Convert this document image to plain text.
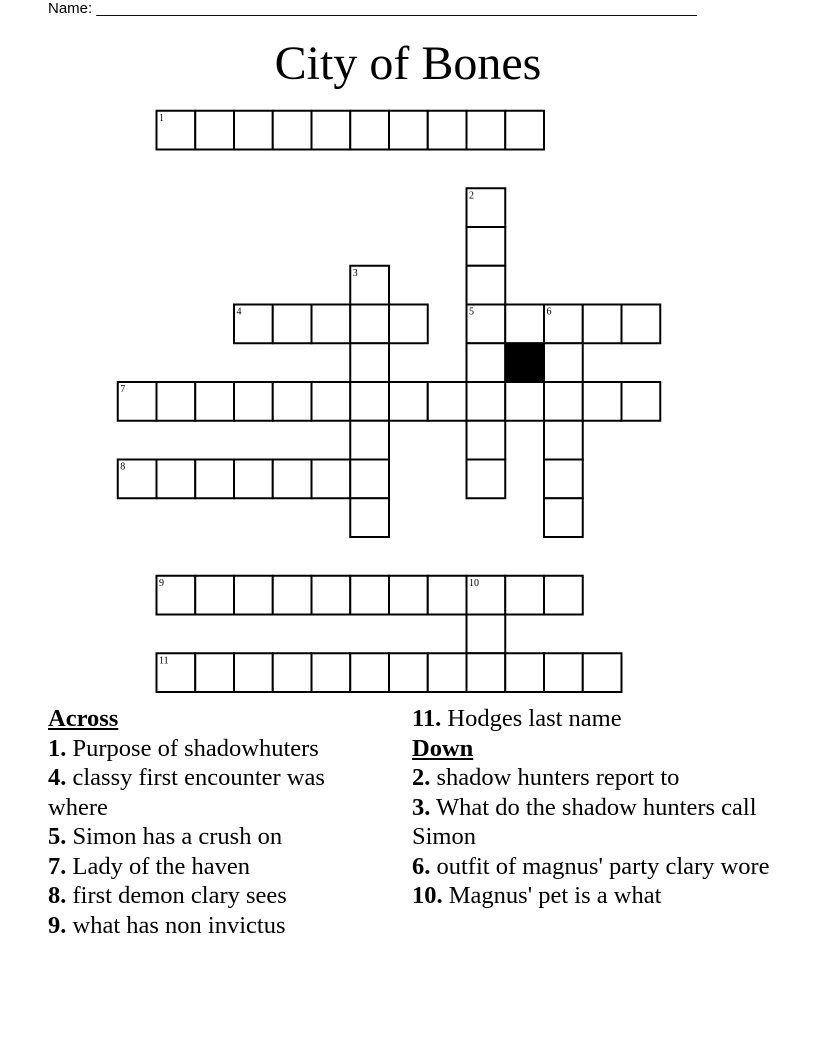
Name: ________________________________________________________________________
City of Bones
1
2
3
4	5	6
7
8
9	10
11
Across
1. Purpose of shadowhuters
4. classy first encounter was where
5. Simon has a crush on
7. Lady of the haven
8. first demon clary sees
9. what has non invictus
11. Hodges last name
Down
2. shadow hunters report to
3. What do the shadow hunters call Simon
6. outfit of magnus' party clary wore
10. Magnus' pet is a what
